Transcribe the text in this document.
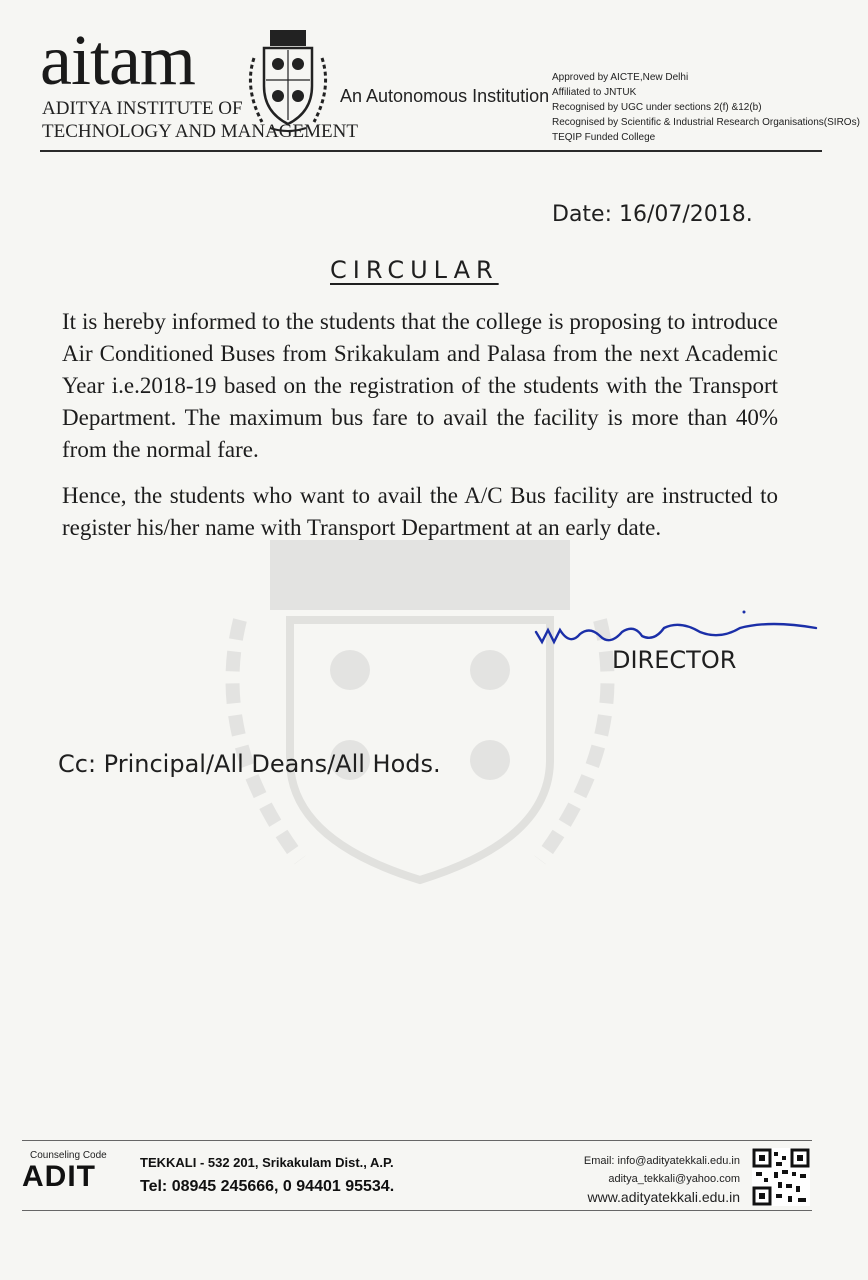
aitam
ADITYA INSTITUTE OF
TECHNOLOGY AND MANAGEMENT
An Autonomous Institution
Approved by AICTE,New Delhi
Affiliated to JNTUK
Recognised by UGC under sections 2(f) &12(b)
Recognised by Scientific & Industrial Research Organisations(SIROs)
TEQIP Funded College
Date: 16/07/2018.
CIRCULAR
It is hereby informed to the students that the college is proposing to introduce Air Conditioned Buses from Srikakulam and Palasa from the next Academic Year i.e.2018-19 based on the registration of the students with the Transport Department. The maximum bus fare to avail the facility is more than 40% from the normal fare.
Hence, the students who want to avail the A/C Bus facility are instructed to register his/her name with Transport Department at an early date.
DIRECTOR
Cc: Principal/All Deans/All Hods.
Counseling Code
ADIT	TEKKALI - 532 201, Srikakulam Dist., A.P.
Tel: 08945 245666, 0 94401 95534.
Email: info@adityatekkali.edu.in
aditya_tekkali@yahoo.com
www.adityatekkali.edu.in
